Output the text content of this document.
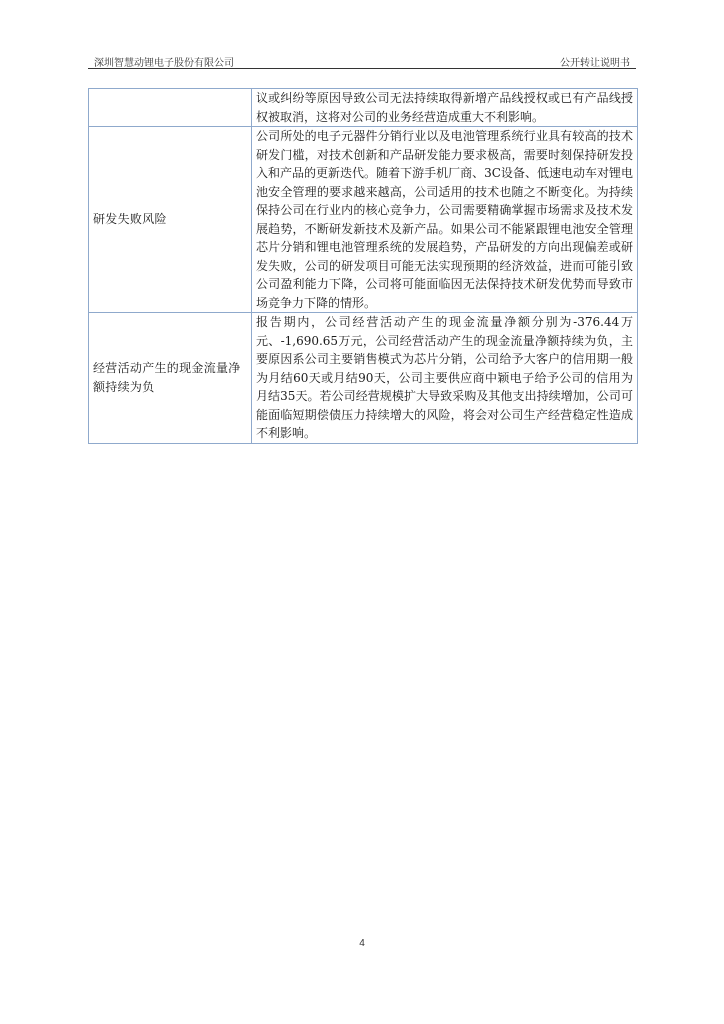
深圳智慧动锂电子股份有限公司	公开转让说明书
	议或纠纷等原因导致公司无法持续取得新增产品线授权或已有产品线授权被取消，这将对公司的业务经营造成重大不利影响。
研发失败风险	公司所处的电子元器件分销行业以及电池管理系统行业具有较高的技术研发门槛，对技术创新和产品研发能力要求极高，需要时刻保持研发投入和产品的更新迭代。随着下游手机厂商、3C设备、低速电动车对锂电池安全管理的要求越来越高，公司适用的技术也随之不断变化。为持续保持公司在行业内的核心竞争力，公司需要精确掌握市场需求及技术发展趋势，不断研发新技术及新产品。如果公司不能紧跟锂电池安全管理芯片分销和锂电池管理系统的发展趋势，产品研发的方向出现偏差或研发失败，公司的研发项目可能无法实现预期的经济效益，进而可能引致公司盈利能力下降，公司将可能面临因无法保持技术研发优势而导致市场竞争力下降的情形。
经营活动产生的现金流量净额持续为负	报告期内，公司经营活动产生的现金流量净额分别为-376.44万元、-1,690.65万元，公司经营活动产生的现金流量净额持续为负，主要原因系公司主要销售模式为芯片分销，公司给予大客户的信用期一般为月结60天或月结90天，公司主要供应商中颖电子给予公司的信用为月结35天。若公司经营规模扩大导致采购及其他支出持续增加，公司可能面临短期偿债压力持续增大的风险，将会对公司生产经营稳定性造成不利影响。
4
